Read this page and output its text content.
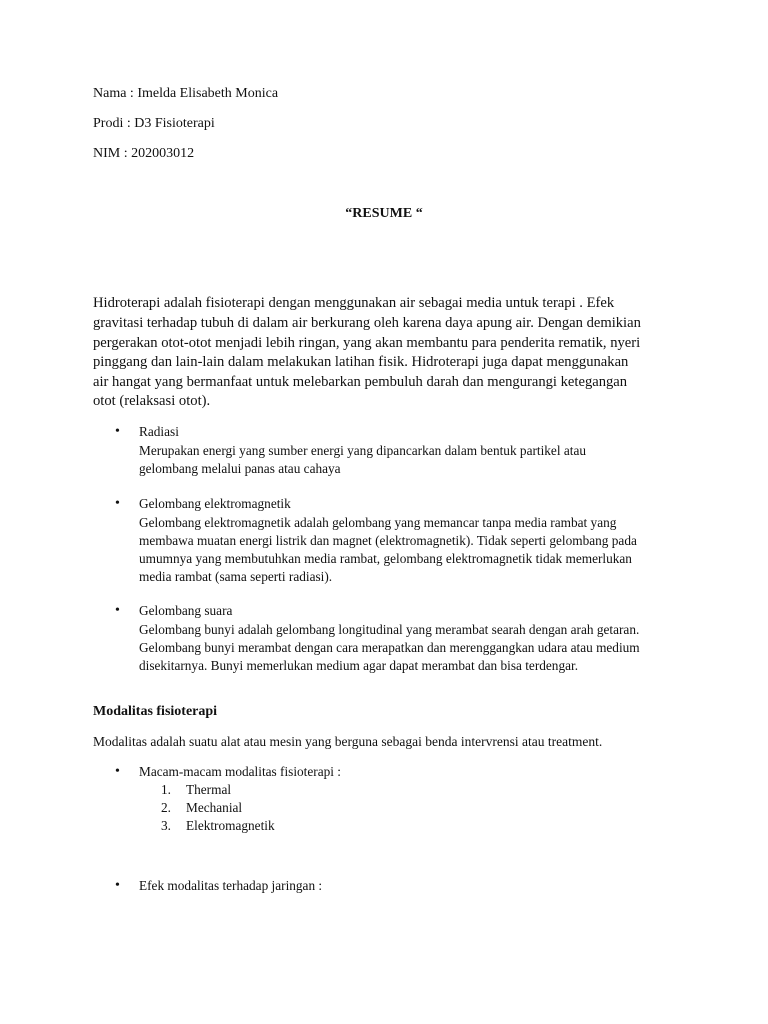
Nama : Imelda Elisabeth Monica
Prodi : D3 Fisioterapi
NIM : 202003012
“RESUME “
Hidroterapi adalah fisioterapi dengan menggunakan air sebagai media untuk terapi . Efek
gravitasi terhadap tubuh di dalam air berkurang oleh karena daya apung air. Dengan demikian
pergerakan otot-otot menjadi lebih ringan, yang akan membantu para penderita rematik, nyeri
pinggang dan lain-lain dalam melakukan latihan fisik. Hidroterapi juga dapat menggunakan
air hangat yang bermanfaat untuk melebarkan pembuluh darah dan mengurangi ketegangan
otot (relaksasi otot).
• Radiasi
Merupakan energi yang sumber energi yang dipancarkan dalam bentuk partikel atau
gelombang melalui panas atau cahaya
• Gelombang elektromagnetik
Gelombang elektromagnetik adalah gelombang yang memancar tanpa media rambat yang
membawa muatan energi listrik dan magnet (elektromagnetik). Tidak seperti gelombang pada
umumnya yang membutuhkan media rambat, gelombang elektromagnetik tidak memerlukan
media rambat (sama seperti radiasi).
• Gelombang suara
Gelombang bunyi adalah gelombang longitudinal yang merambat searah dengan arah getaran.
Gelombang bunyi merambat dengan cara merapatkan dan merenggangkan udara atau medium
disekitarnya. Bunyi memerlukan medium agar dapat merambat dan bisa terdengar.
Modalitas fisioterapi
Modalitas adalah suatu alat atau mesin yang berguna sebagai benda intervrensi atau treatment.
• Macam-macam modalitas fisioterapi :
1. Thermal
2. Mechanial
3. Elektromagnetik
• Efek modalitas terhadap jaringan :
